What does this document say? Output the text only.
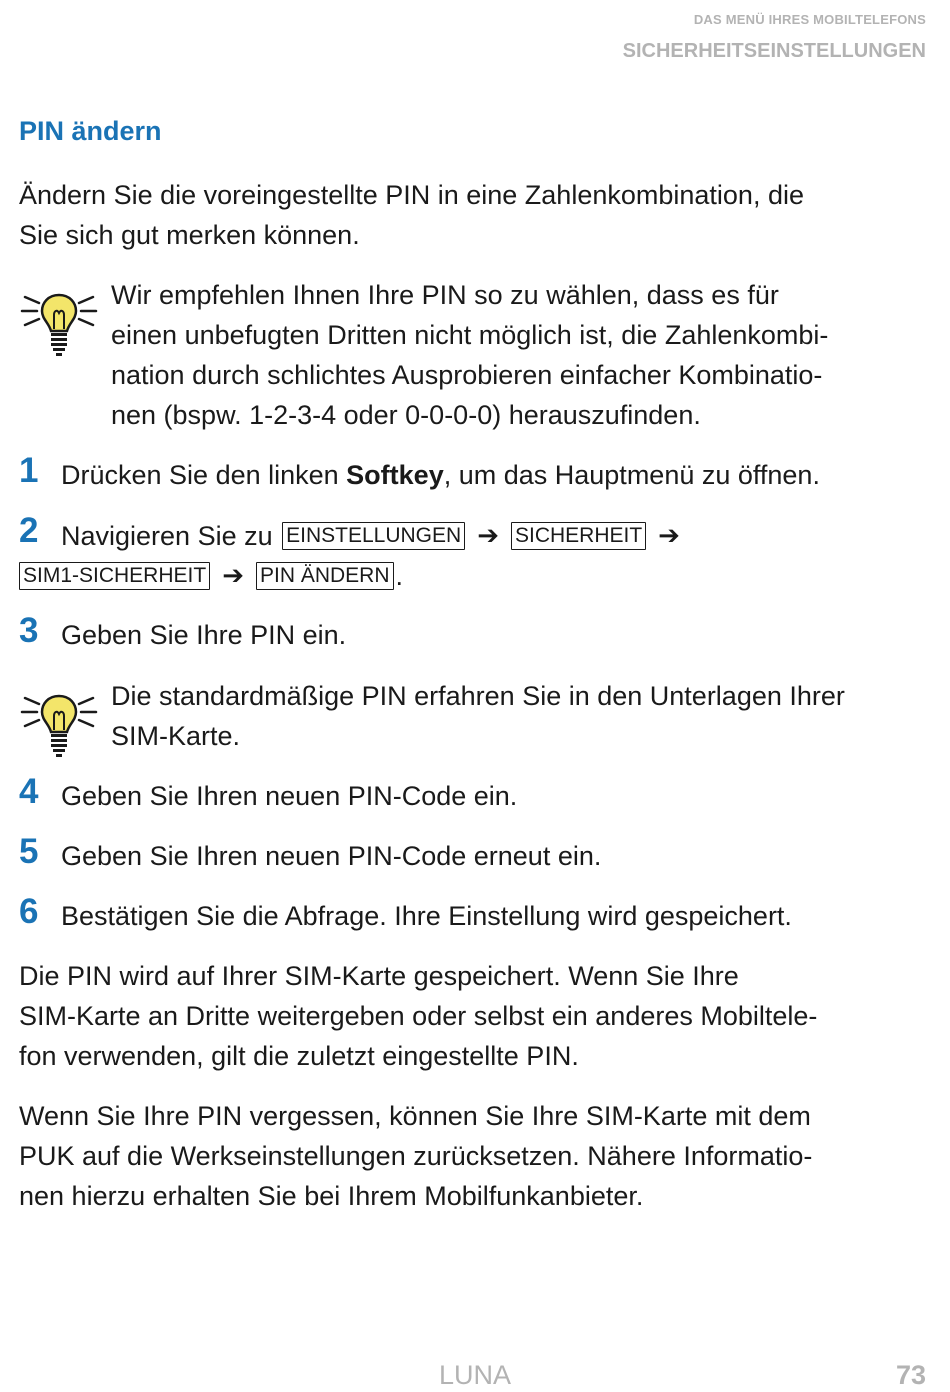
DAS MENÜ IHRES MOBILTELEFONS
SICHERHEITSEINSTELLUNGEN
PIN ändern
Ändern Sie die voreingestellte PIN in eine Zahlenkombination, die
Sie sich gut merken können.
Wir empfehlen Ihnen Ihre PIN so zu wählen, dass es für
einen unbefugten Dritten nicht möglich ist, die Zahlenkombi-
nation durch schlichtes Ausprobieren einfacher Kombinatio-
nen (bspw. 1-2-3-4 oder 0-0-0-0) herauszufinden.
1 Drücken Sie den linken Softkey, um das Hauptmenü zu öffnen.
2 Navigieren Sie zu EINSTELLUNGEN ➔ SICHERHEIT ➔
SIM1-SICHERHEIT ➔ PIN ÄNDERN .
3 Geben Sie Ihre PIN ein.
Die standardmäßige PIN erfahren Sie in den Unterlagen Ihrer
SIM-Karte.
4 Geben Sie Ihren neuen PIN-Code ein.
5 Geben Sie Ihren neuen PIN-Code erneut ein.
6 Bestätigen Sie die Abfrage. Ihre Einstellung wird gespeichert.
Die PIN wird auf Ihrer SIM-Karte gespeichert. Wenn Sie Ihre
SIM-Karte an Dritte weitergeben oder selbst ein anderes Mobiltele-
fon verwenden, gilt die zuletzt eingestellte PIN.
Wenn Sie Ihre PIN vergessen, können Sie Ihre SIM-Karte mit dem
PUK auf die Werkseinstellungen zurücksetzen. Nähere Informatio-
nen hierzu erhalten Sie bei Ihrem Mobilfunkanbieter.
LUNA	73
